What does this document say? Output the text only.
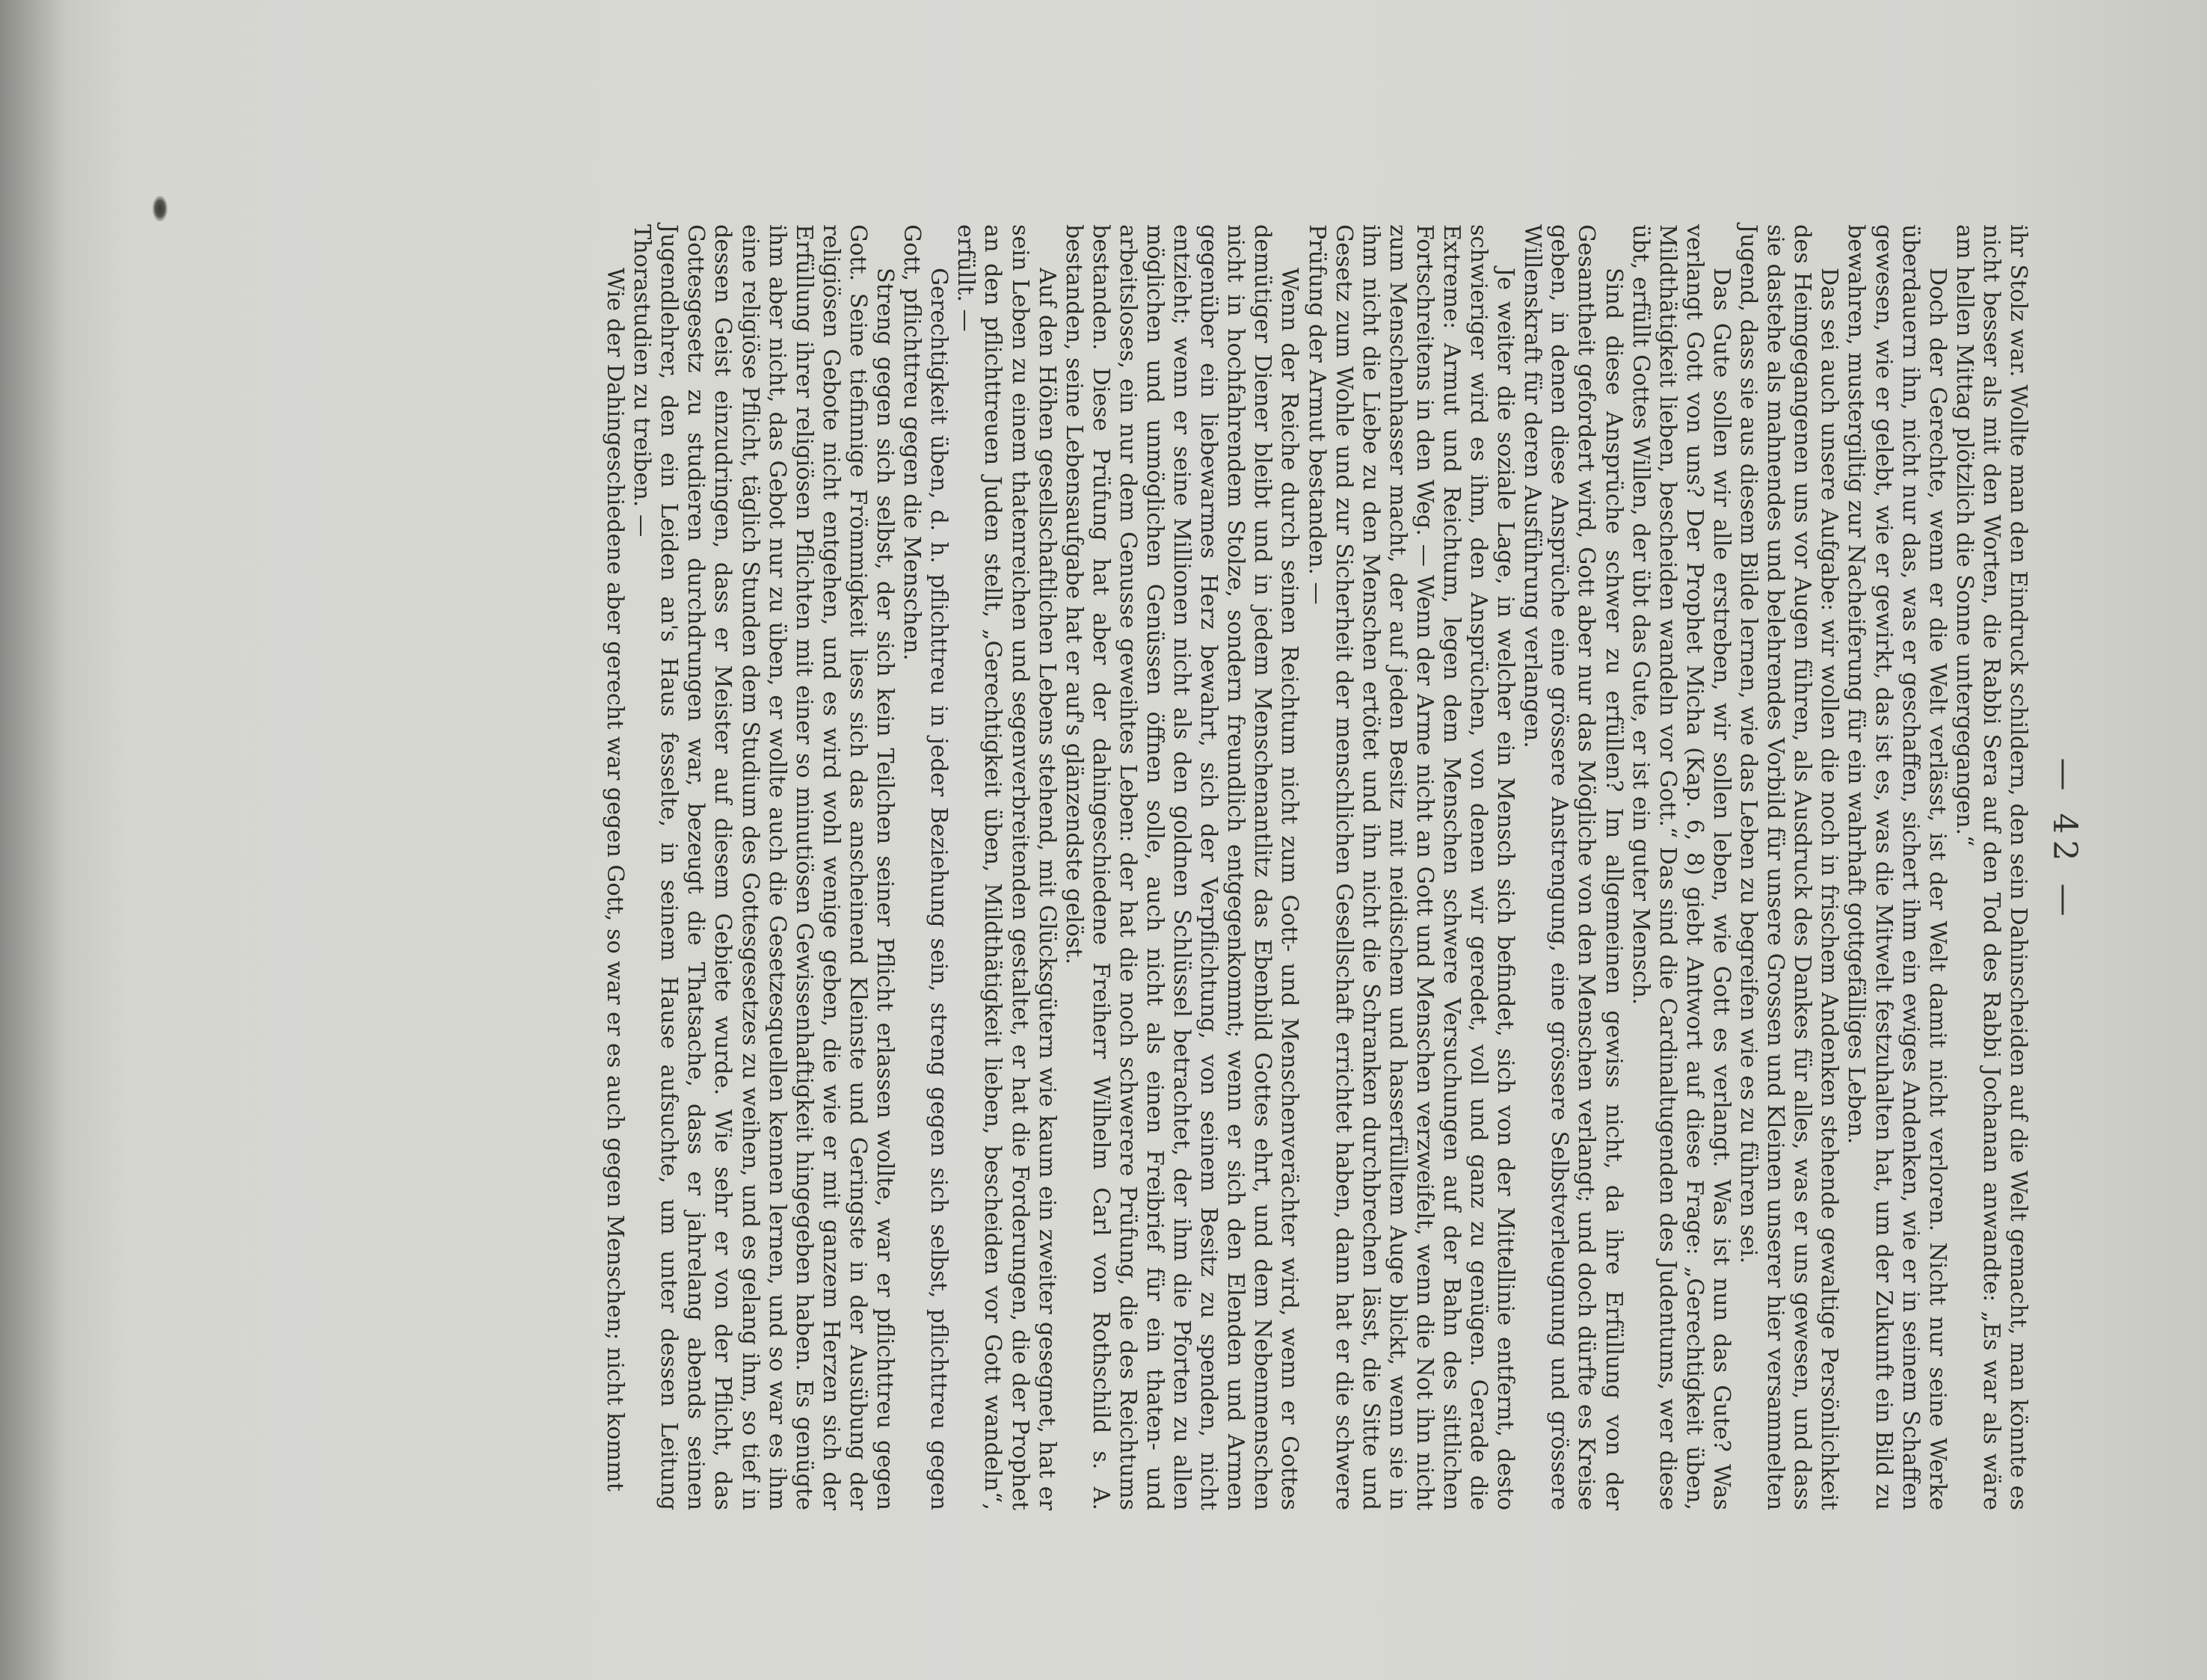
— 42 —

ihr Stolz war. Wollte man den Eindruck schildern, den sein Dahinscheiden auf die Welt gemacht, man könnte es nicht besser als mit den Worten, die Rabbi Sera auf den Tod des Rabbi Jochanan anwandte: „Es war als wäre am hellen Mittag plötzlich die Sonne untergegangen.“

Doch der Gerechte, wenn er die Welt verlässt, ist der Welt damit nicht verloren. Nicht nur seine Werke überdauern ihn, nicht nur das, was er geschaffen, sichert ihm ein ewiges Andenken, wie er in seinem Schaffen gewesen, wie er gelebt, wie er gewirkt, das ist es, was die Mitwelt festzuhalten hat, um der Zukunft ein Bild zu bewahren, mustergiltig zur Nacheiferung für ein wahrhaft gottgefälliges Leben.

Das sei auch unsere Aufgabe: wir wollen die noch in frischem Andenken stehende gewaltige Persönlichkeit des Heimgegangenen uns vor Augen führen, als Ausdruck des Dankes für alles, was er uns gewesen, und dass sie dastehe als mahnendes und belehrendes Vorbild für unsere Grossen und Kleinen unserer hier versammelten Jugend, dass sie aus diesem Bilde lernen, wie das Leben zu begreifen wie es zu führen sei.

Das Gute sollen wir alle erstreben, wir sollen leben, wie Gott es verlangt. Was ist nun das Gute? Was verlangt Gott von uns? Der Prophet Micha (Kap. 6, 8) giebt Antwort auf diese Frage: „Gerechtigkeit üben, Mildthätigkeit lieben, bescheiden wandeln vor Gott.“ Das sind die Cardinaltugenden des Judentums, wer diese übt, erfüllt Gottes Willen, der übt das Gute, er ist ein guter Mensch.

Sind diese Ansprüche schwer zu erfüllen? Im allgemeinen gewiss nicht, da ihre Erfüllung von der Gesamtheit gefordert wird, Gott aber nur das Mögliche von den Menschen verlangt; und doch dürfte es Kreise geben, in denen diese Ansprüche eine grössere Anstrengung, eine grössere Selbstverleugnung und grössere Willenskraft für deren Ausführung verlangen.

Je weiter die soziale Lage, in welcher ein Mensch sich befindet, sich von der Mittellinie entfernt, desto schwieriger wird es ihm, den Ansprüchen, von denen wir geredet, voll und ganz zu genügen. Gerade die Extreme: Armut und Reichtum, legen dem Menschen schwere Versuchungen auf der Bahn des sittlichen Fortschreitens in den Weg. — Wenn der Arme nicht an Gott und Menschen verzweifelt, wenn die Not ihn nicht zum Menschenhasser macht, der auf jeden Besitz mit neidischem und hasserfülltem Auge blickt, wenn sie in ihm nicht die Liebe zu den Menschen ertötet und ihn nicht die Schranken durchbrechen lässt, die Sitte und Gesetz zum Wohle und zur Sicherheit der menschlichen Gesellschaft errichtet haben, dann hat er die schwere Prüfung der Armut bestanden. —

Wenn der Reiche durch seinen Reichtum nicht zum Gott- und Menschenverächter wird, wenn er Gottes demütiger Diener bleibt und in jedem Menschenantlitz das Ebenbild Gottes ehrt, und dem Nebenmenschen nicht in hochfahrendem Stolze, sondern freundlich entgegenkommt; wenn er sich den Elenden und Armen gegenüber ein liebewarmes Herz bewahrt, sich der Verpflichtung, von seinem Besitz zu spenden, nicht entzieht; wenn er seine Millionen nicht als den goldnen Schlüssel betrachtet, der ihm die Pforten zu allen möglichen und unmöglichen Genüssen öffnen solle, auch nicht als einen Freibrief für ein thaten- und arbeitsloses, ein nur dem Genusse geweihtes Leben: der hat die noch schwerere Prüfung, die des Reichtums bestanden. Diese Prüfung hat aber der dahingeschiedene Freiherr Wilhelm Carl von Rothschild s. A. bestanden, seine Lebensaufgabe hat er auf's glänzendste gelöst.

Auf den Höhen gesellschaftlichen Lebens stehend, mit Glücksgütern wie kaum ein zweiter gesegnet, hat er sein Leben zu einem thatenreichen und segenverbreitenden gestaltet, er hat die Forderungen, die der Prophet an den pflichttreuen Juden stellt, „Gerechtigkeit üben, Mildthätigkeit lieben, bescheiden vor Gott wandeln“, erfüllt. —

Gerechtigkeit üben, d. h. pflichttreu in jeder Beziehung sein, streng gegen sich selbst, pflichttreu gegen Gott, pflichttreu gegen die Menschen.

Streng gegen sich selbst, der sich kein Teilchen seiner Pflicht erlassen wollte, war er pflichttreu gegen Gott. Seine tiefinnige Frömmigkeit liess sich das anscheinend Kleinste und Geringste in der Ausübung der religiösen Gebote nicht entgehen, und es wird wohl wenige geben, die wie er mit ganzem Herzen sich der Erfüllung ihrer religiösen Pflichten mit einer so minutiösen Gewissenhaftigkeit hingegeben haben. Es genügte ihm aber nicht, das Gebot nur zu üben, er wollte auch die Gesetzesquellen kennen lernen, und so war es ihm eine religiöse Pflicht, täglich Stunden dem Studium des Gottesgesetzes zu weihen, und es gelang ihm, so tief in dessen Geist einzudringen, dass er Meister auf diesem Gebiete wurde. Wie sehr er von der Pflicht, das Gottesgesetz zu studieren durchdrungen war, bezeugt die Thatsache, dass er jahrelang abends seinen Jugendlehrer, den ein Leiden an's Haus fesselte, in seinem Hause aufsuchte, um unter dessen Leitung Thorastudien zu treiben. —

Wie der Dahingeschiedene aber gerecht war gegen Gott, so war er es auch gegen Menschen; nicht kommt
